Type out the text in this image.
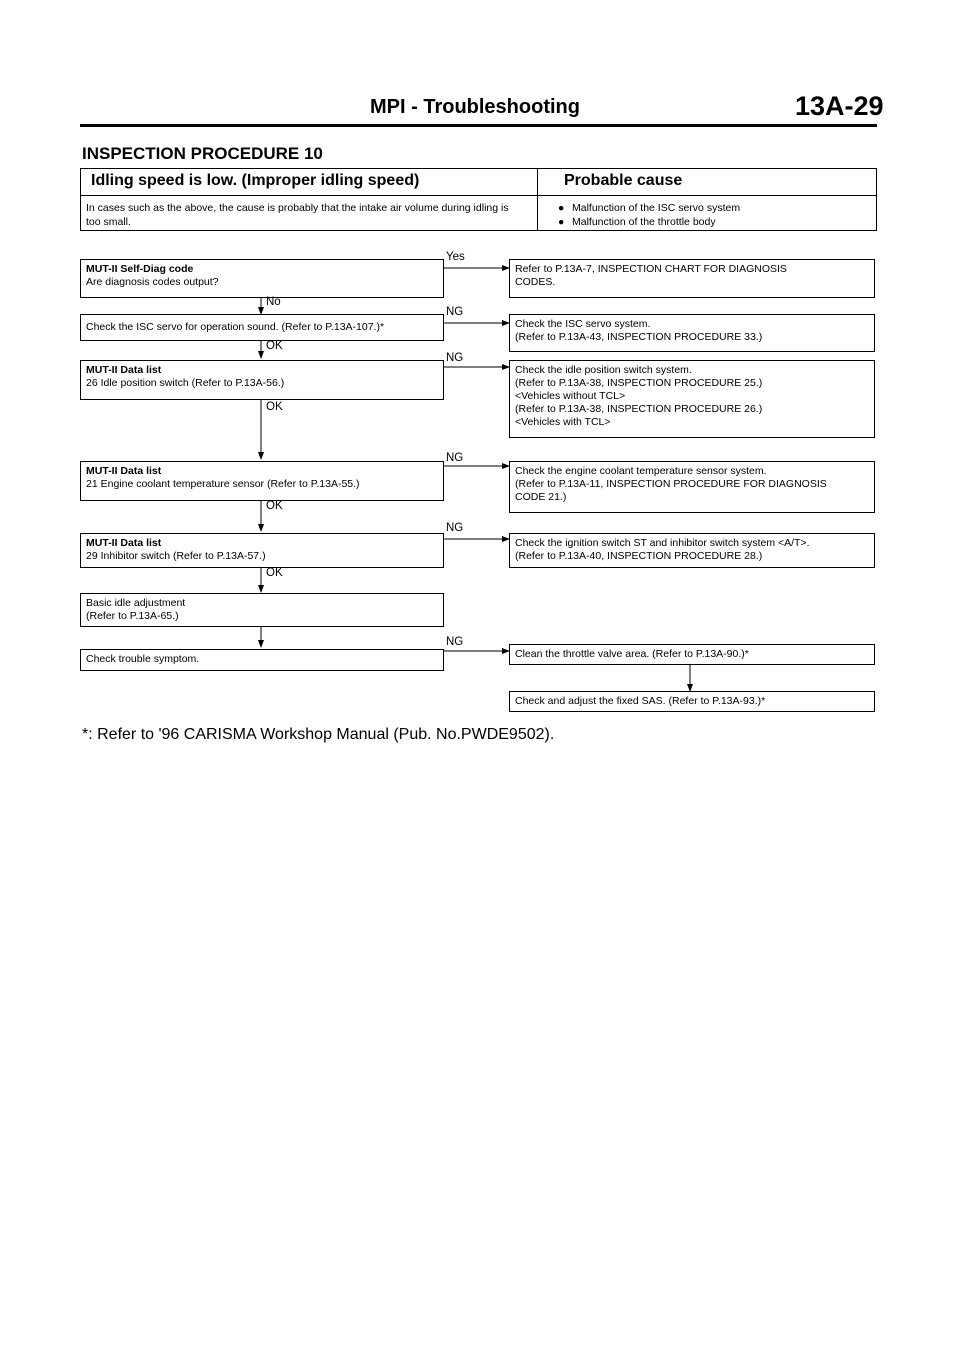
MPI - Troubleshooting	13A-29
INSPECTION PROCEDURE 10
Idling speed is low. (Improper idling speed)	Probable cause
In cases such as the above, the cause is probably that the intake air volume during idling is too small.
● Malfunction of the ISC servo system
● Malfunction of the throttle body
MUT-II Self-Diag code
Are diagnosis codes output?
Check the ISC servo for operation sound. (Refer to P.13A-107.)*
MUT-II Data list
26 Idle position switch (Refer to P.13A-56.)
MUT-II Data list
21 Engine coolant temperature sensor (Refer to P.13A-55.)
MUT-II Data list
29 Inhibitor switch (Refer to P.13A-57.)
Basic idle adjustment
(Refer to P.13A-65.)
Check trouble symptom.
Refer to P.13A-7, INSPECTION CHART FOR DIAGNOSIS
CODES.
Check the ISC servo system.
(Refer to P.13A-43, INSPECTION PROCEDURE 33.)
Check the idle position switch system.
(Refer to P.13A-38, INSPECTION PROCEDURE 25.)
<Vehicles without TCL>
(Refer to P.13A-38, INSPECTION PROCEDURE 26.)
<Vehicles with TCL>
Check the engine coolant temperature sensor system.
(Refer to P.13A-11, INSPECTION PROCEDURE FOR DIAGNOSIS
CODE 21.)
Check the ignition switch ST and inhibitor switch system <A/T>.
(Refer to P.13A-40, INSPECTION PROCEDURE 28.)
Clean the throttle valve area. (Refer to P.13A-90.)*
Check and adjust the fixed SAS. (Refer to P.13A-93.)*
Yes
No
NG
OK
NG
OK
NG
OK
NG
OK
NG
*: Refer to '96 CARISMA Workshop Manual (Pub. No.PWDE9502).
